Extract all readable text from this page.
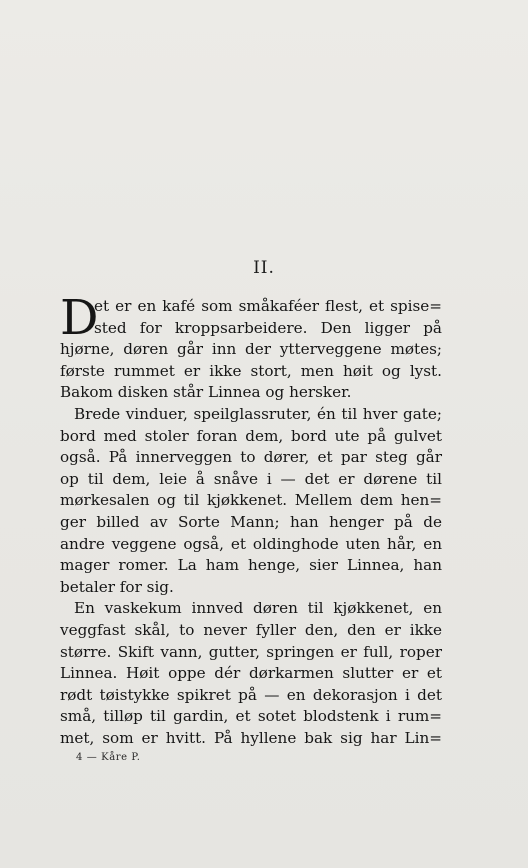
II.
D
et er en kafé som småkaféer flest, et spise=
sted for kroppsarbeidere. Den ligger på
hjørne, døren går inn der ytterveggene møtes;
første rummet er ikke stort, men høit og lyst.
Bakom disken står Linnea og hersker.
Brede vinduer, speilglassruter, én til hver gate;
bord med stoler foran dem, bord ute på gulvet
også. På innerveggen to dører, et par steg går
op til dem, leie å snåve i — det er dørene til
mørkesalen og til kjøkkenet. Mellem dem hen=
ger billed av Sorte Mann; han henger på de
andre veggene også, et oldinghode uten hår, en
mager romer. La ham henge, sier Linnea, han
betaler for sig.
En vaskekum innved døren til kjøkkenet, en
veggfast skål, to never fyller den, den er ikke
større. Skift vann, gutter, springen er full, roper
Linnea. Høit oppe dér dørkarmen slutter er et
rødt tøistykke spikret på — en dekorasjon i det
små, tilløp til gardin, et sotet blodstenk i rum=
met, som er hvitt. På hyllene bak sig har Lin=
4 — Kåre P.
